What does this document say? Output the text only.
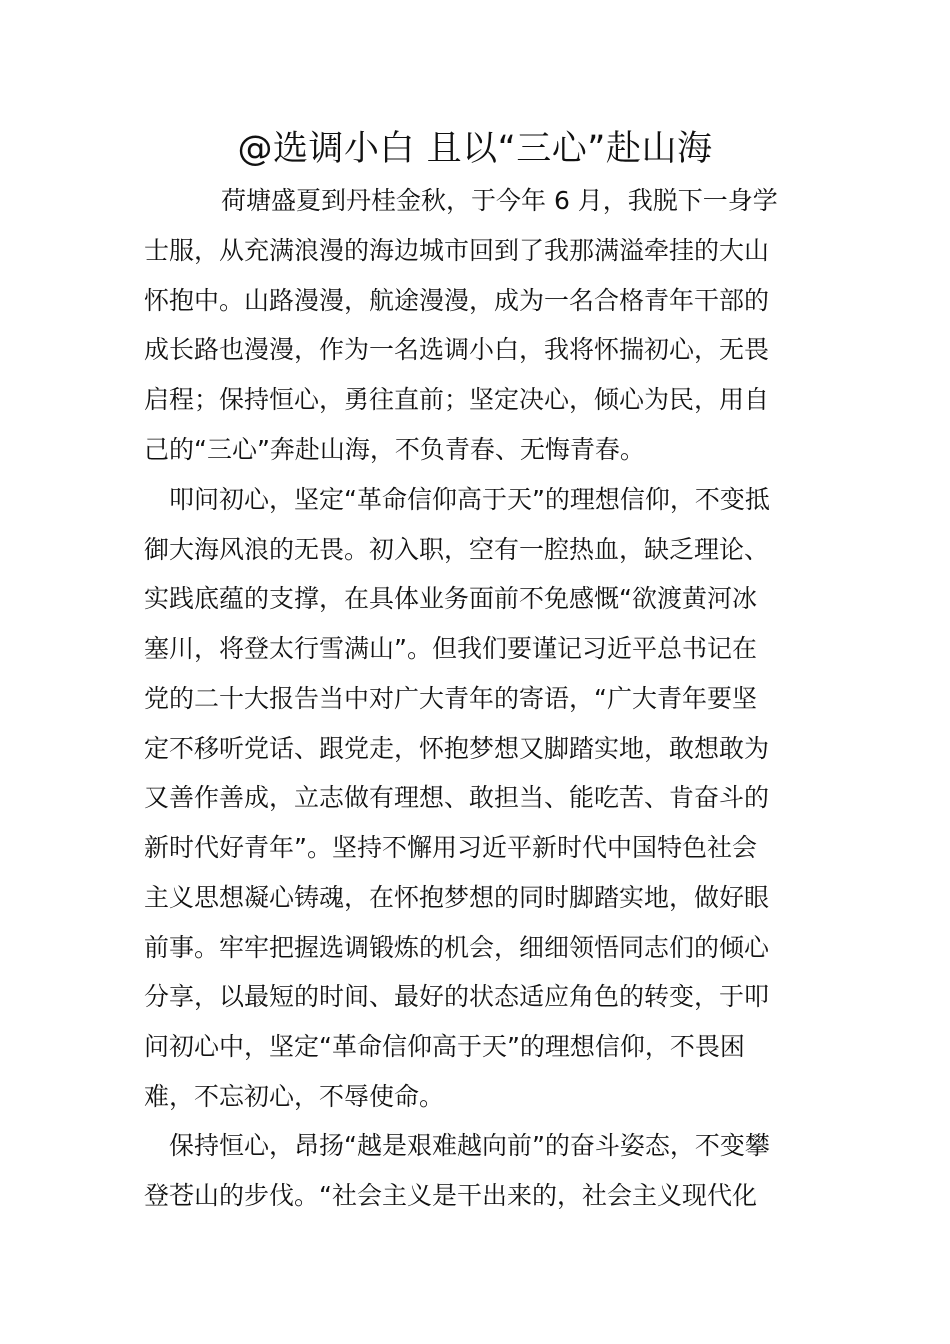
@选调小白 且以“三心”赴山海
荷塘盛夏到丹桂金秋，于今年 6 月，我脱下一身学
士服，从充满浪漫的海边城市回到了我那满溢牵挂的大山
怀抱中。山路漫漫，航途漫漫，成为一名合格青年干部的
成长路也漫漫，作为一名选调小白，我将怀揣初心，无畏
启程；保持恒心，勇往直前；坚定决心，倾心为民，用自
己的“三心”奔赴山海，不负青春、无悔青春。
叩问初心，坚定“革命信仰高于天”的理想信仰，不变抵
御大海风浪的无畏。初入职，空有一腔热血，缺乏理论、
实践底蕴的支撑，在具体业务面前不免感慨“欲渡黄河冰
塞川，将登太行雪满山”。但我们要谨记习近平总书记在
党的二十大报告当中对广大青年的寄语，“广大青年要坚
定不移听党话、跟党走，怀抱梦想又脚踏实地，敢想敢为
又善作善成，立志做有理想、敢担当、能吃苦、肯奋斗的
新时代好青年”。坚持不懈用习近平新时代中国特色社会
主义思想凝心铸魂，在怀抱梦想的同时脚踏实地，做好眼
前事。牢牢把握选调锻炼的机会，细细领悟同志们的倾心
分享，以最短的时间、最好的状态适应角色的转变，于叩
问初心中，坚定“革命信仰高于天”的理想信仰，不畏困
难，不忘初心，不辱使命。
保持恒心，昂扬“越是艰难越向前”的奋斗姿态，不变攀
登苍山的步伐。“社会主义是干出来的，社会主义现代化
